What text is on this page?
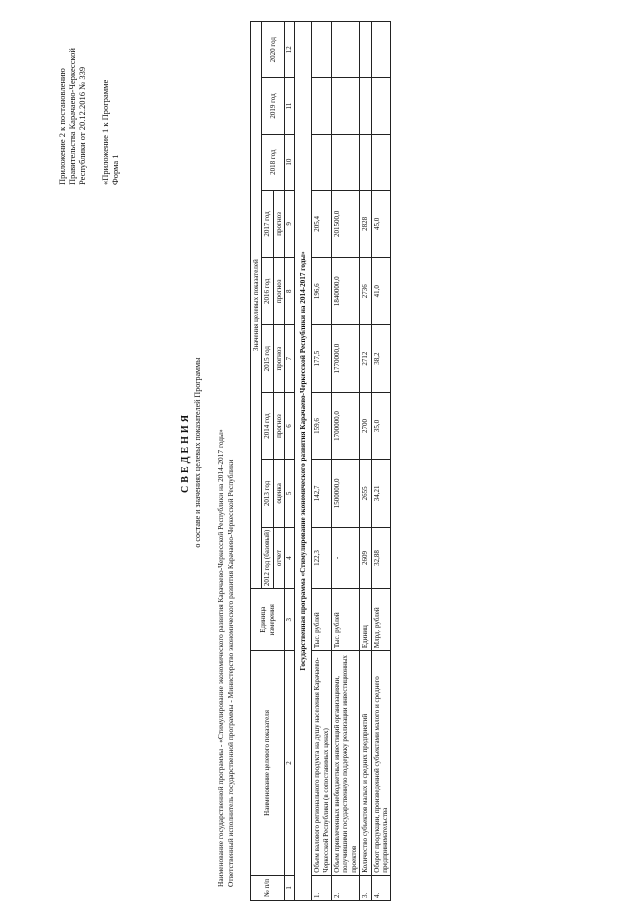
Приложение 2 к постановлению Правительства Карачаево-Черкесской Республики от 20.12.2016 № 339 «Приложение 1 к Программе Форма 1

СВЕДЕНИЯ о составе и значениях целевых показателей Программы Наименование государственной программы - «Стимулирование экономического развития Карачаево-Черкесской Республики на 2014-2017 годы» Ответственный исполнитель государственной программы - Министерство экономического развития Карачаево-Черкесской Республики

№ п/п	Наименование целевого показателя	Единица измерения	Значения целевых показателей								
			2012 год (базовый)	2013 год	2014 год	2015 год	2016 год	2017 год	2018 год	2019 год	2020 год
			отчет	оценка	прогноз	прогноз	прогноз	прогноз			
1	2	3	4	5	6	7	8	9	10	11	12
Государственная программа «Стимулирование экономического развития Карачаево-Черкесской Республики на 2014-2017 годы»											
1.	Объем валового регионального продукта на душу населения Карачаево-Черкесской Республики (в сопоставимых ценах)	Тыс. рублей	122,3	142,7	159,6	177,5	196,6	205,4			
2.	Объем привлеченных внебюджетных инвестиций организациями, получившими государственную поддержку реализации инвестиционных проектов	Тыс. рублей	-	1500000,0	1700000,0	1770000,0	1840000,0	201500,0			
3.	Количество субъектов малых и средних предприятий	Единиц	2609	2655	2700	2712	2736	2828			
4.	Оборот продукции, произведенной субъектами малого и среднего предпринимательства	Млрд. рублей	32,88	34,21	35,0	38,2	41,0	45,0			
